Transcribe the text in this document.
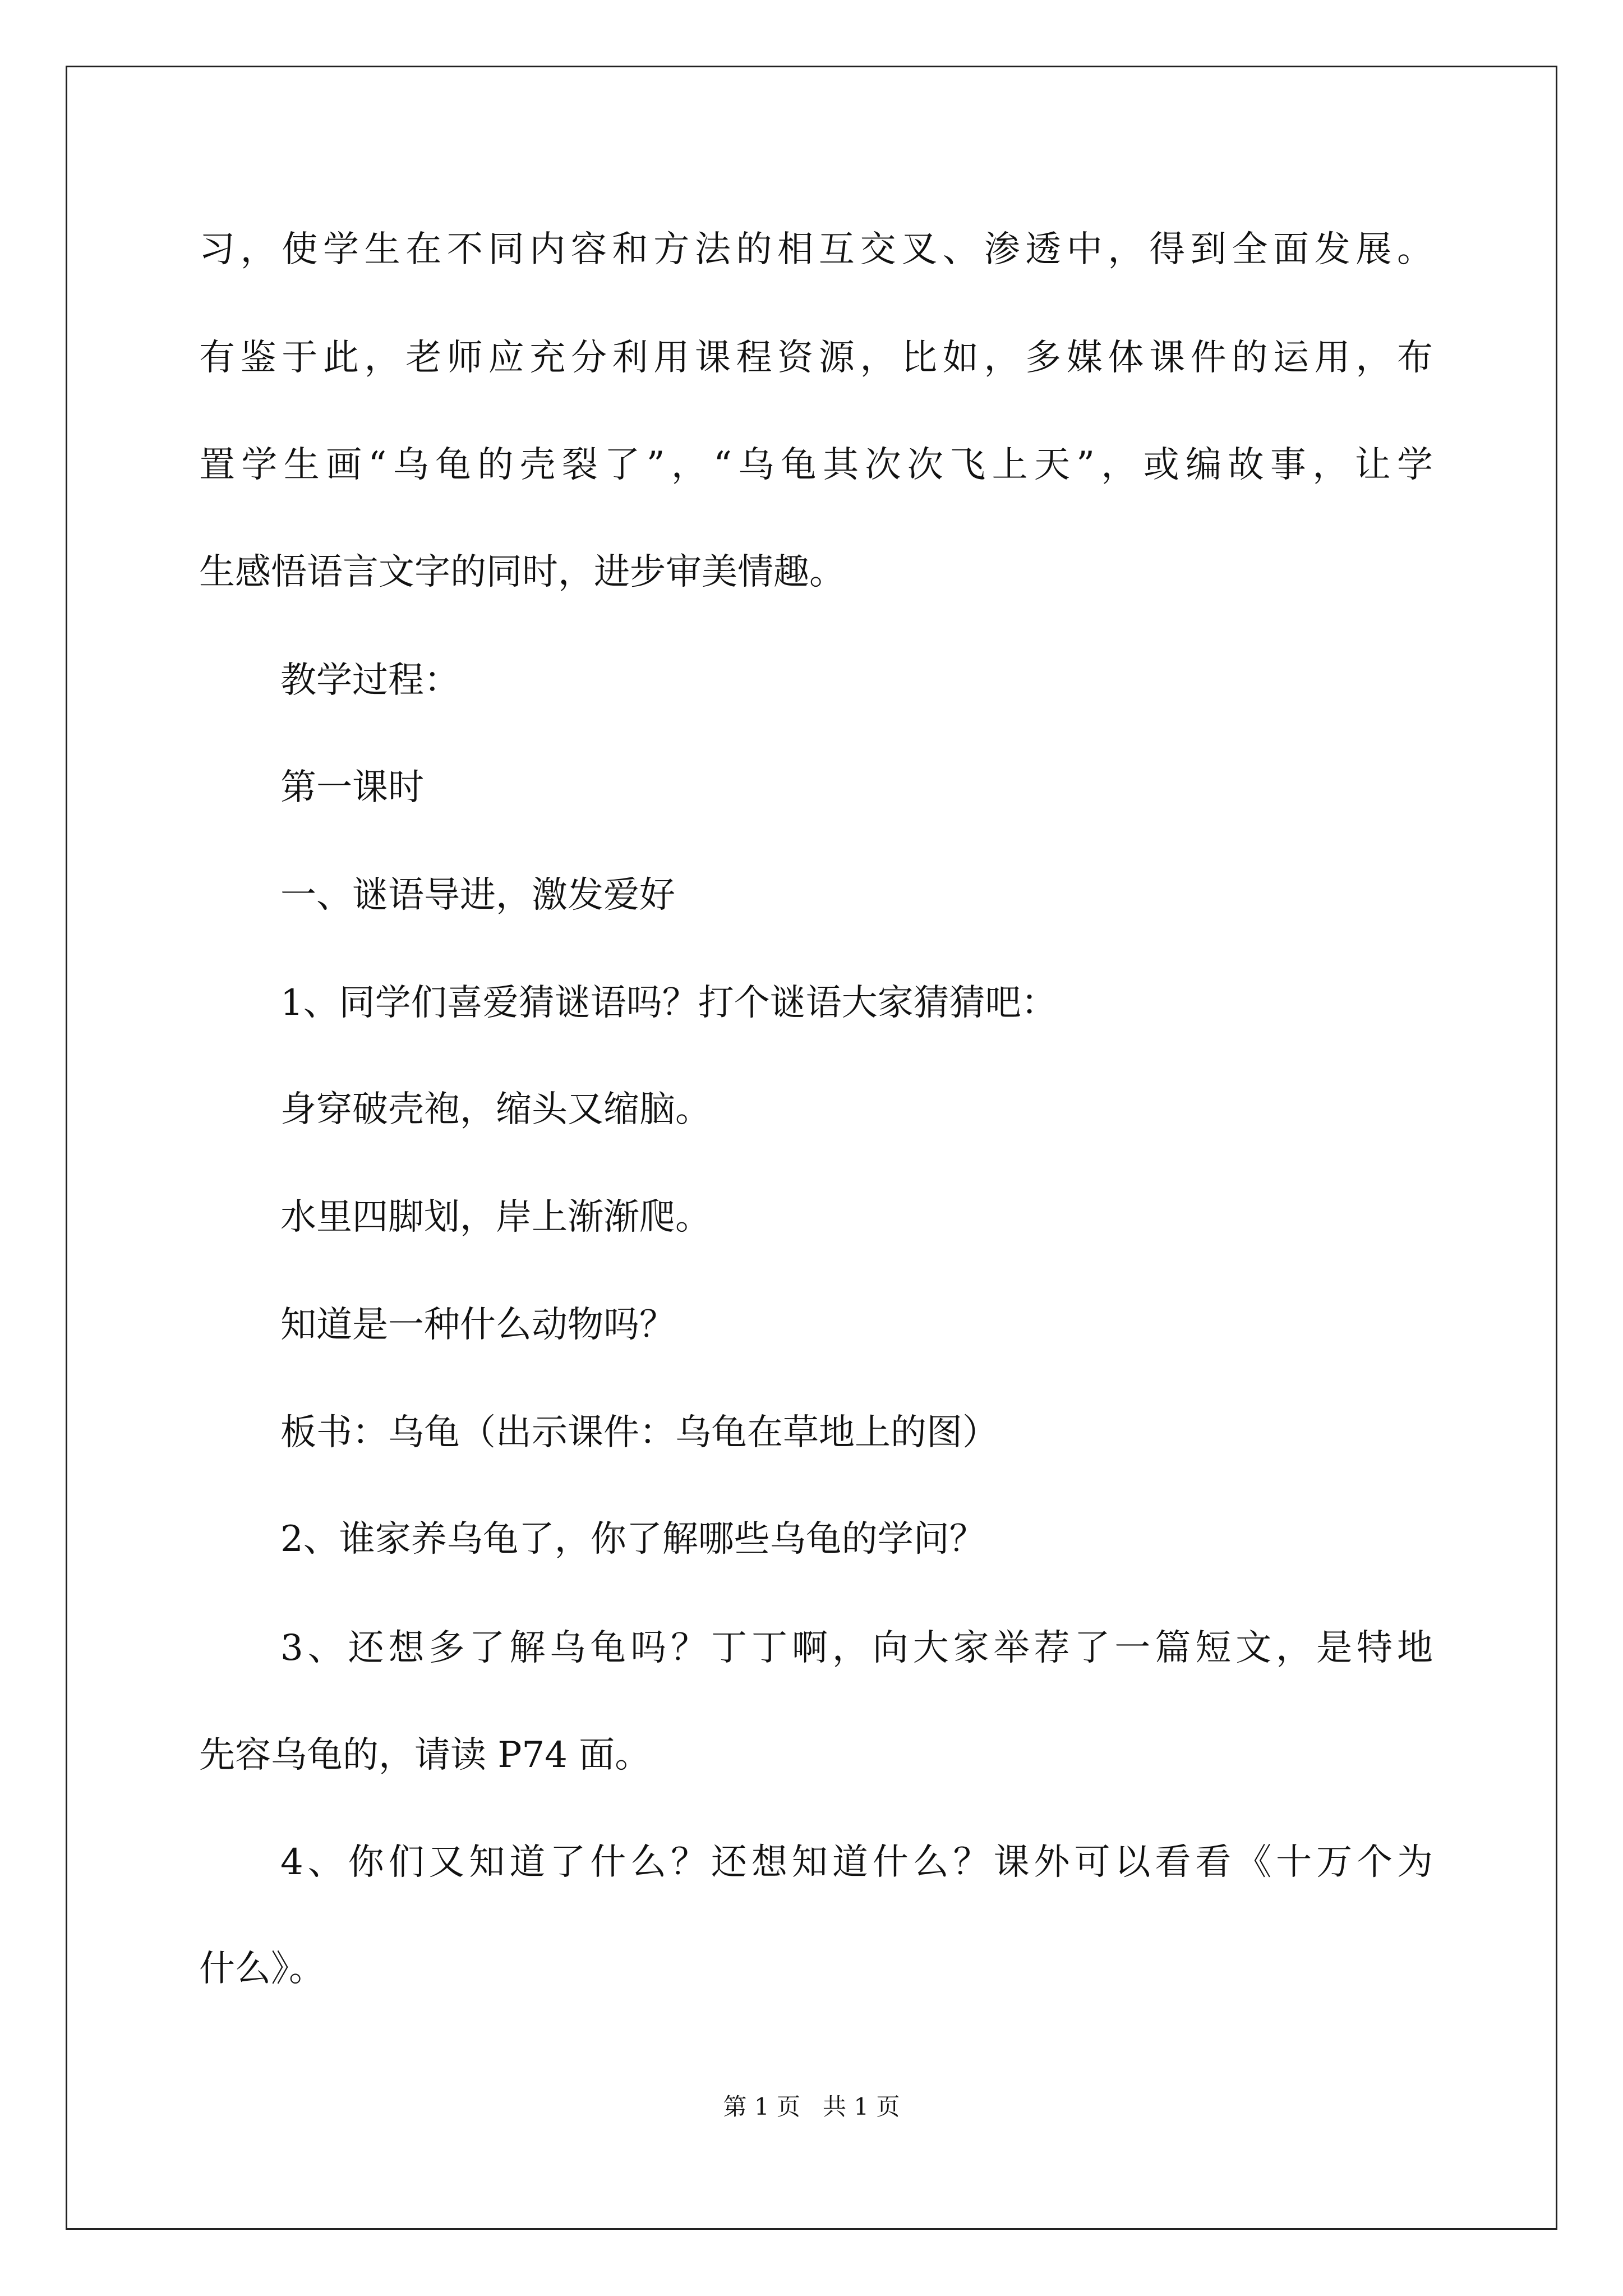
习，使学生在不同内容和方法的相互交叉、渗透中，得到全面发展。
有鉴于此，老师应充分利用课程资源，比如，多媒体课件的运用，布
置学生画“乌龟的壳裂了”，“乌龟其次次飞上天”，或编故事，让学
生感悟语言文字的同时，进步审美情趣。
教学过程：
第一课时
一、谜语导进，激发爱好
1、同学们喜爱猜谜语吗？打个谜语大家猜猜吧：
身穿破壳袍，缩头又缩脑。
水里四脚划，岸上渐渐爬。
知道是一种什么动物吗？
板书：乌龟（出示课件：乌龟在草地上的图）
2、谁家养乌龟了，你了解哪些乌龟的学问？
3、还想多了解乌龟吗？丁丁啊，向大家举荐了一篇短文，是特地
先容乌龟的，请读 P74 面。
4、你们又知道了什么？还想知道什么？课外可以看看《十万个为
什么》。
第 1 页   共 1 页
